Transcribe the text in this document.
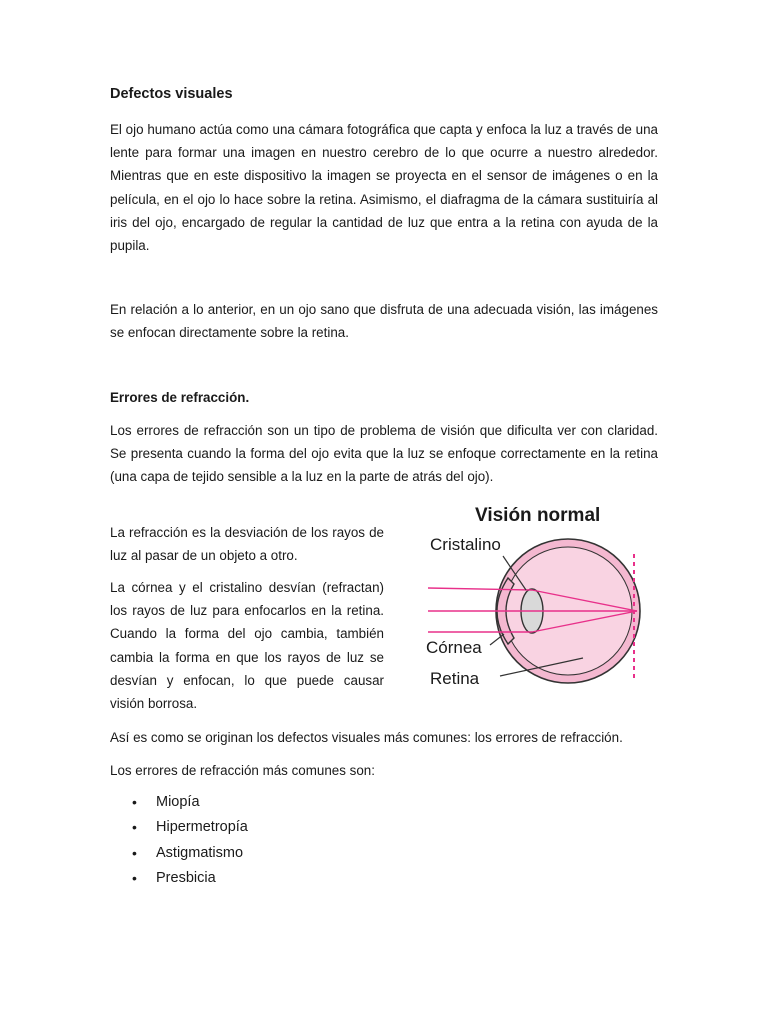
Defectos visuales

El ojo humano actúa como una cámara fotográfica que capta y enfoca la luz a través de una lente para formar una imagen en nuestro cerebro de lo que ocurre a nuestro alrededor. Mientras que en este dispositivo la imagen se proyecta en el sensor de imágenes o en la película, en el ojo lo hace sobre la retina. Asimismo, el diafragma de la cámara sustituiría al iris del ojo, encargado de regular la cantidad de luz que entra a la retina con ayuda de la pupila.

En relación a lo anterior, en un ojo sano que disfruta de una adecuada visión, las imágenes se enfocan directamente sobre la retina.

Errores de refracción.

Los errores de refracción son un tipo de problema de visión que dificulta ver con claridad. Se presenta cuando la forma del ojo evita que la luz se enfoque correctamente en la retina (una capa de tejido sensible a la luz en la parte de atrás del ojo).

La refracción es la desviación de los rayos de luz al pasar de un objeto a otro.

La córnea y el cristalino desvían (refractan) los rayos de luz para enfocarlos en la retina. Cuando la forma del ojo cambia, también cambia la forma en que los rayos de luz se desvían y enfocan, lo que puede causar visión borrosa.

Así es como se originan los defectos visuales más comunes: los errores de refracción.

Los errores de refracción más comunes son:

• Miopía
• Hipermetropía
• Astigmatismo
• Presbicia
Visión normal
Cristalino
Córnea
Retina
